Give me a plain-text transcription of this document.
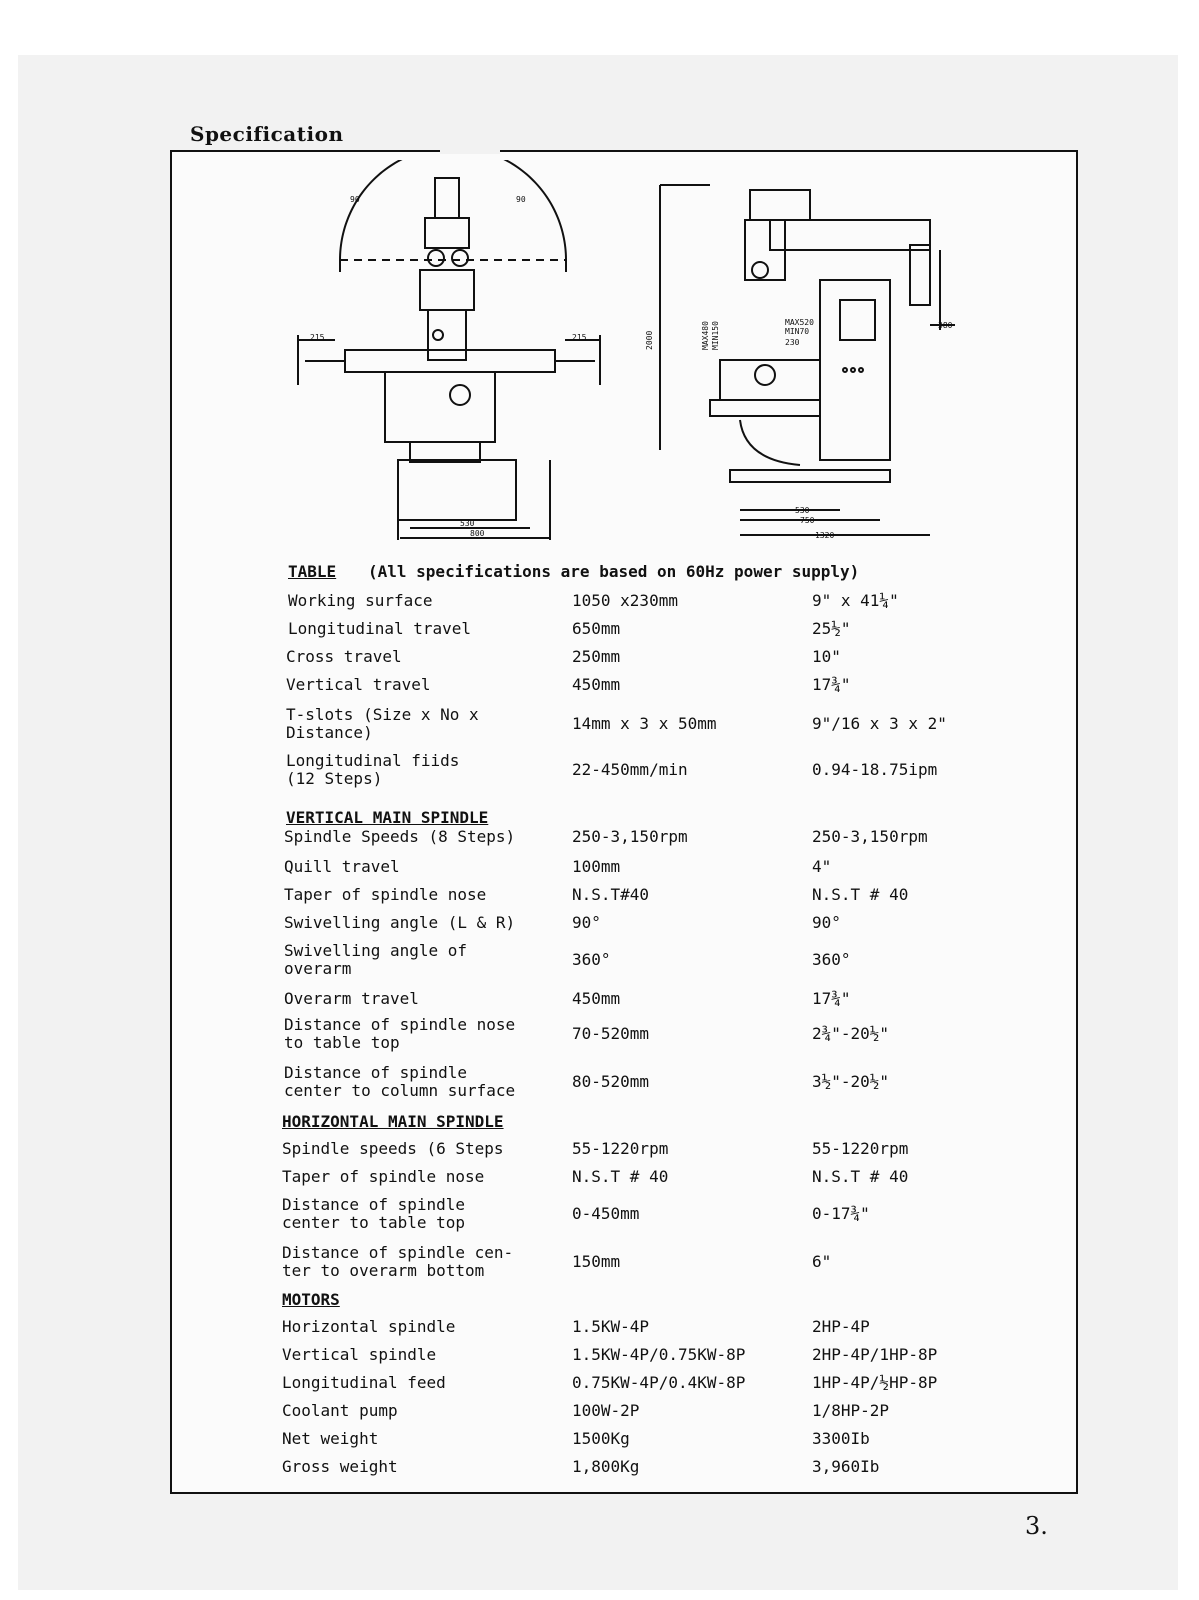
Specification
90	90
215	215
530
800
2000	MAX480 MIN150	MAX520
MIN70
230
380
530
750
1320
TABLE (All specifications are based on 60Hz power supply)
VERTICAL MAIN SPINDLE
HORIZONTAL MAIN SPINDLE
MOTORS
Working surface	1050 x230mm	9" x 41¼"
Longitudinal travel	650mm	25½"
Cross travel	250mm	10"
Vertical travel	450mm	17¾"
T-slots (Size x No x
Distance)	14mm x 3 x 50mm	9"/16 x 3 x 2"
Longitudinal fiids
(12 Steps)	22-450mm/min	0.94-18.75ipm
Spindle Speeds (8 Steps)	250-3,150rpm	250-3,150rpm
Quill travel	100mm	4"
Taper of spindle nose	N.S.T#40	N.S.T # 40
Swivelling angle (L & R)	90°	90°
Swivelling angle of
overarm	360°	360°
Overarm travel	450mm	17¾"
Distance of spindle nose
to table top	70-520mm	2¾"-20½"
Distance of spindle
center to column surface	80-520mm	3½"-20½"
Spindle speeds (6 Steps	55-1220rpm	55-1220rpm
Taper of spindle nose	N.S.T # 40	N.S.T # 40
Distance of spindle
center to table top	0-450mm	0-17¾"
Distance of spindle cen-
ter to overarm bottom	150mm	6"
Horizontal spindle	1.5KW-4P	2HP-4P
Vertical spindle	1.5KW-4P/0.75KW-8P	2HP-4P/1HP-8P
Longitudinal feed	0.75KW-4P/0.4KW-8P	1HP-4P/½HP-8P
Coolant pump	100W-2P	1/8HP-2P
Net weight	1500Kg	3300Ib
Gross weight	1,800Kg	3,960Ib
3.
